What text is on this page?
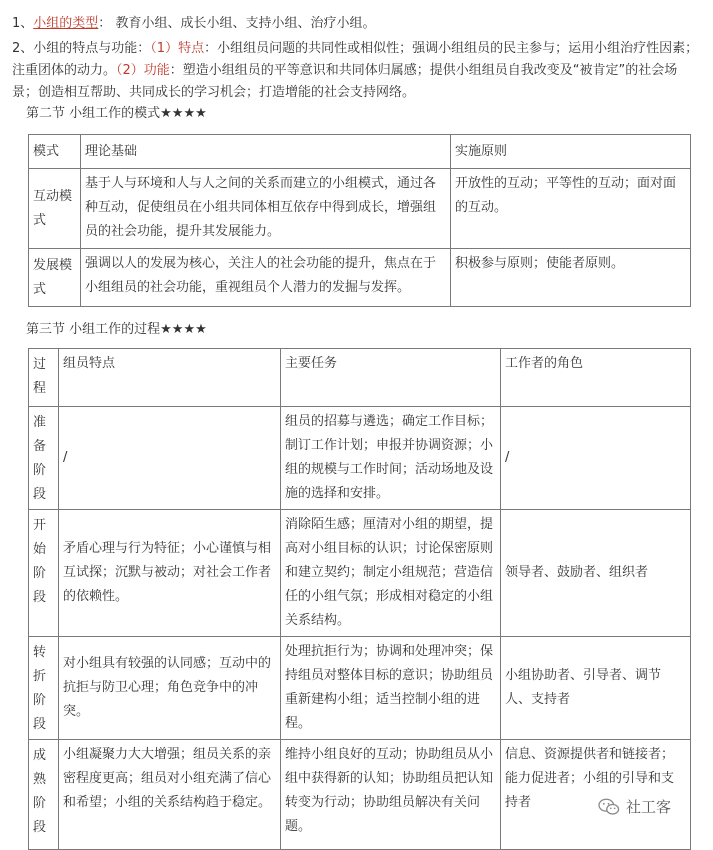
1、小组的类型： 教育小组、成长小组、支持小组、治疗小组。
2、小组的特点与功能：（1）特点：小组组员问题的共同性或相似性；强调小组组员的民主参与；运用小组治疗性因素；注重团体的动力。（2）功能：塑造小组组员的平等意识和共同体归属感；提供小组组员自我改变及“被肯定”的社会场景；创造相互帮助、共同成长的学习机会；打造增能的社会支持网络。
第二节 小组工作的模式★★★★
模式	理论基础	实施原则
互动模式	基于人与环境和人与人之间的关系而建立的小组模式，通过各种互动，促使组员在小组共同体相互依存中得到成长，增强组员的社会功能，提升其发展能力。	开放性的互动；平等性的互动；面对面的互动。
发展模式	强调以人的发展为核心，关注人的社会功能的提升，焦点在于小组组员的社会功能，重视组员个人潜力的发掘与发挥。	积极参与原则；使能者原则。
第三节 小组工作的过程★★★★
过程	组员特点	主要任务	工作者的角色

准备阶段	/	组员的招募与遴选；确定工作目标；制订工作计划；申报并协调资源；小组的规模与工作时间；活动场地及设施的选择和安排。	/

开始阶段	矛盾心理与行为特征；小心谨慎与相互试探；沉默与被动；对社会工作者的依赖性。	消除陌生感；厘清对小组的期望，提高对小组目标的认识；讨论保密原则和建立契约；制定小组规范；营造信任的小组气氛；形成相对稳定的小组关系结构。	领导者、鼓励者、组织者

转折阶段	对小组具有较强的认同感；互动中的抗拒与防卫心理；角色竞争中的冲突。	处理抗拒行为；协调和处理冲突；保持组员对整体目标的意识；协助组员重新建构小组；适当控制小组的进程。	小组协助者、引导者、调节人、支持者

成熟阶段	小组凝聚力大大增强；组员关系的亲密程度更高；组员对小组充满了信心和希望；小组的关系结构趋于稳定。	维持小组良好的互动；协助组员从小组中获得新的认知；协助组员把认知转变为行动；协助组员解决有关问题。	信息、资源提供者和链接者；能力促进者；小组的引导和支持者	社工客
